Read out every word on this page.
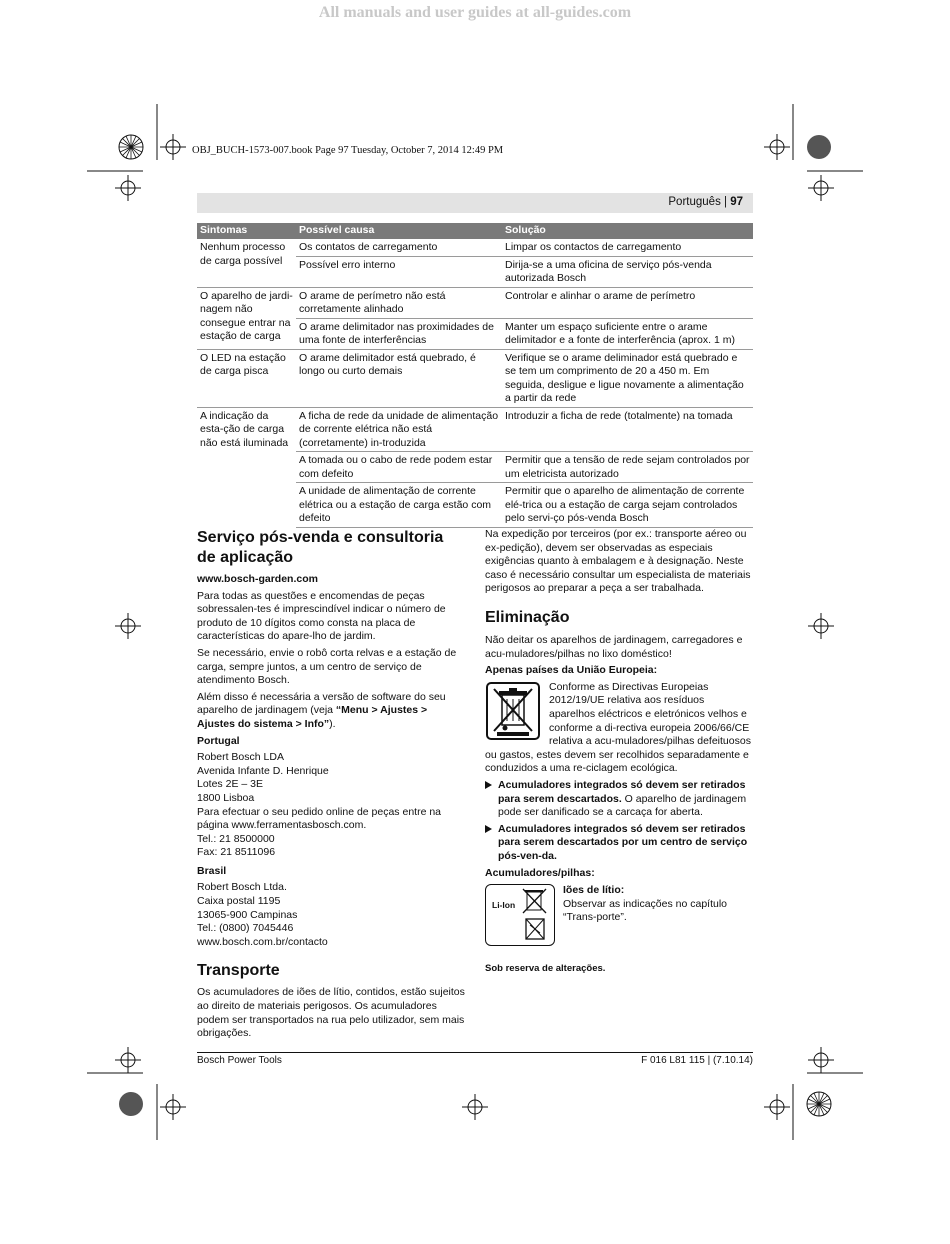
All manuals and user guides at all-guides.com
OBJ_BUCH-1573-007.book Page 97 Tuesday, October 7, 2014 12:49 PM
Português | 97
Sintomas	Possível causa	Solução
Nenhum processo de carga possível	Os contatos de carregamento	Limpar os contactos de carregamento
	Possível erro interno	Dirija-se a uma oficina de serviço pós-venda autorizada Bosch
O aparelho de jardi-nagem não consegue entrar na estação de carga	O arame de perímetro não está corretamente alinhado	Controlar e alinhar o arame de perímetro
	O arame delimitador nas proximidades de uma fonte de interferências	Manter um espaço suficiente entre o arame delimitador e a fonte de interferência (aprox. 1 m)
O LED na estação de carga pisca	O arame delimitador está quebrado, é longo ou curto demais	Verifique se o arame deliminador está quebrado e se tem um comprimento de 20 a 450 m. Em seguida, desligue e ligue novamente a alimentação a partir da rede
A indicação da esta-ção de carga não está iluminada	A ficha de rede da unidade de alimentação de corrente elétrica não está (corretamente) in-troduzida	Introduzir a ficha de rede (totalmente) na tomada
	A tomada ou o cabo de rede podem estar com defeito	Permitir que a tensão de rede sejam controlados por um eletricista autorizado
	A unidade de alimentação de corrente elétrica ou a estação de carga estão com defeito	Permitir que o aparelho de alimentação de corrente elé-trica ou a estação de carga sejam controlados pelo servi-ço pós-venda Bosch
Serviço pós-venda e consultoria de aplicação

www.bosch-garden.com

Para todas as questões e encomendas de peças sobressalen-tes é imprescindível indicar o número de produto de 10 dígitos como consta na placa de características do apare-lho de jardim.

Se necessário, envie o robô corta relvas e a estação de carga, sempre juntos, a um centro de serviço de atendimento Bosch.

Além disso é necessária a versão de software do seu aparelho de jardinagem (veja “Menu > Ajustes > Ajustes do sistema > Info”).

Portugal

Robert Bosch LDA
Avenida Infante D. Henrique
Lotes 2E – 3E
1800 Lisboa
Para efectuar o seu pedido online de peças entre na página www.ferramentasbosch.com.
Tel.: 21 8500000
Fax: 21 8511096

Brasil

Robert Bosch Ltda.
Caixa postal 1195
13065-900 Campinas
Tel.: (0800) 7045446
www.bosch.com.br/contacto
Transporte

Os acumuladores de iões de lítio, contidos, estão sujeitos ao direito de materiais perigosos. Os acumuladores podem ser transportados na rua pelo utilizador, sem mais obrigações.

Na expedição por terceiros (por ex.: transporte aéreo ou ex-pedição), devem ser observadas as especiais exigências quanto à embalagem e à designação. Neste caso é necessário consultar um especialista de materiais perigosos ao preparar a peça a ser trabalhada.

Eliminação

Não deitar os aparelhos de jardinagem, carregadores e acu-muladores/pilhas no lixo doméstico!

Apenas países da União Europeia:

Conforme as Directivas Europeias 2012/19/UE relativa aos resíduos aparelhos eléctricos e eletrónicos velhos e conforme a di-rectiva europeia 2006/66/CE relativa a acu-muladores/pilhas defeituosos ou gastos, estes devem ser recolhidos separadamente e conduzidos a uma re-ciclagem ecológica.
Acumuladores integrados só devem ser retirados para serem descartados. O aparelho de jardinagem pode ser danificado se a carcaça for aberta.
Acumuladores integrados só devem ser retirados para serem descartados por um centro de serviço pós-ven-da.

Acumuladores/pilhas:

Li-Ion
Iões de lítio:
Observar as indicações no capítulo “Trans-porte”.

Sob reserva de alterações.

Bosch Power Tools	F 016 L81 115 | (7.10.14)
